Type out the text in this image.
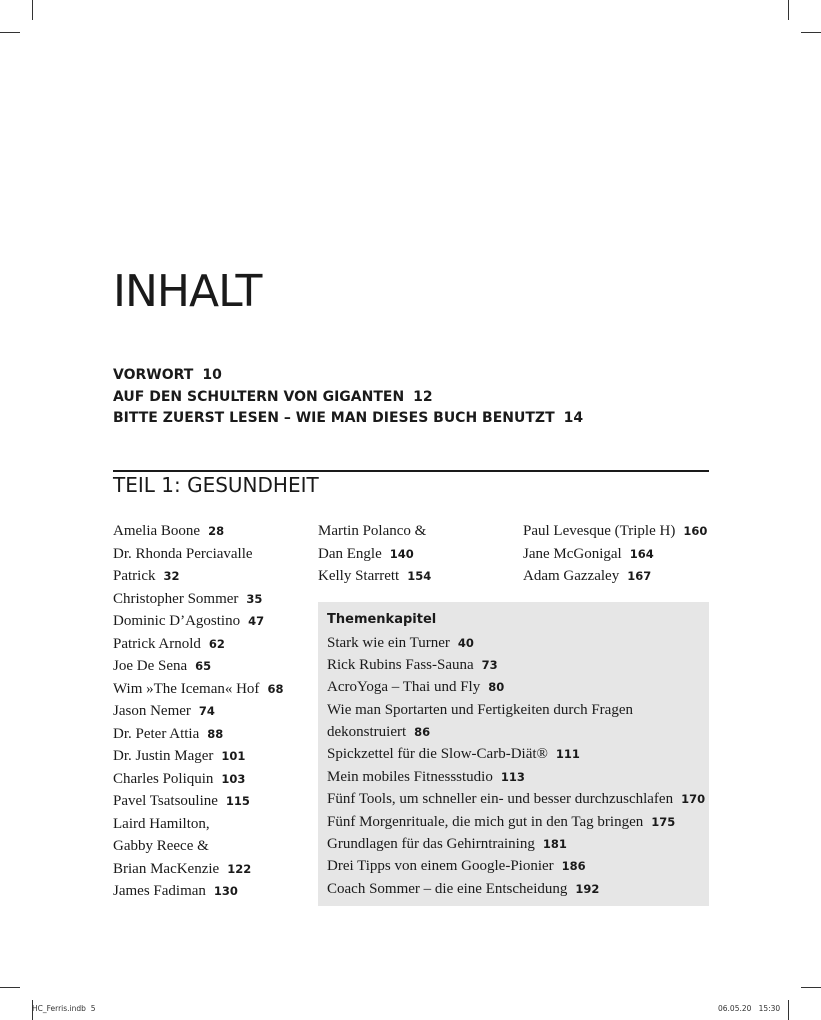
INHALT
VORWORT 10
AUF DEN SCHULTERN VON GIGANTEN 12
BITTE ZUERST LESEN – WIE MAN DIESES BUCH BENUTZT 14
TEIL 1: GESUNDHEIT
Amelia Boone 28
Dr. Rhonda Perciavalle
Patrick 32
Christopher Sommer 35
Dominic D’Agostino 47
Patrick Arnold 62
Joe De Sena 65
Wim »The Iceman« Hof 68
Jason Nemer 74
Dr. Peter Attia 88
Dr. Justin Mager 101
Charles Poliquin 103
Pavel Tsatsouline 115
Laird Hamilton,
Gabby Reece &
Brian MacKenzie 122
James Fadiman 130
Martin Polanco &
Dan Engle 140
Kelly Starrett 154
Paul Levesque (Triple H) 160
Jane McGonigal 164
Adam Gazzaley 167
Themenkapitel
Stark wie ein Turner 40
Rick Rubins Fass-Sauna 73
AcroYoga – Thai und Fly 80
Wie man Sportarten und Fertigkeiten durch Fragen dekonstruiert 86
Spickzettel für die Slow-Carb-Diät® 111
Mein mobiles Fitnessstudio 113
Fünf Tools, um schneller ein- und besser durchzuschlafen 170
Fünf Morgenrituale, die mich gut in den Tag bringen 175
Grundlagen für das Gehirntraining 181
Drei Tipps von einem Google-Pionier 186
Coach Sommer – die eine Entscheidung 192
HC_Ferris.indb 5	06.05.20 15:30
